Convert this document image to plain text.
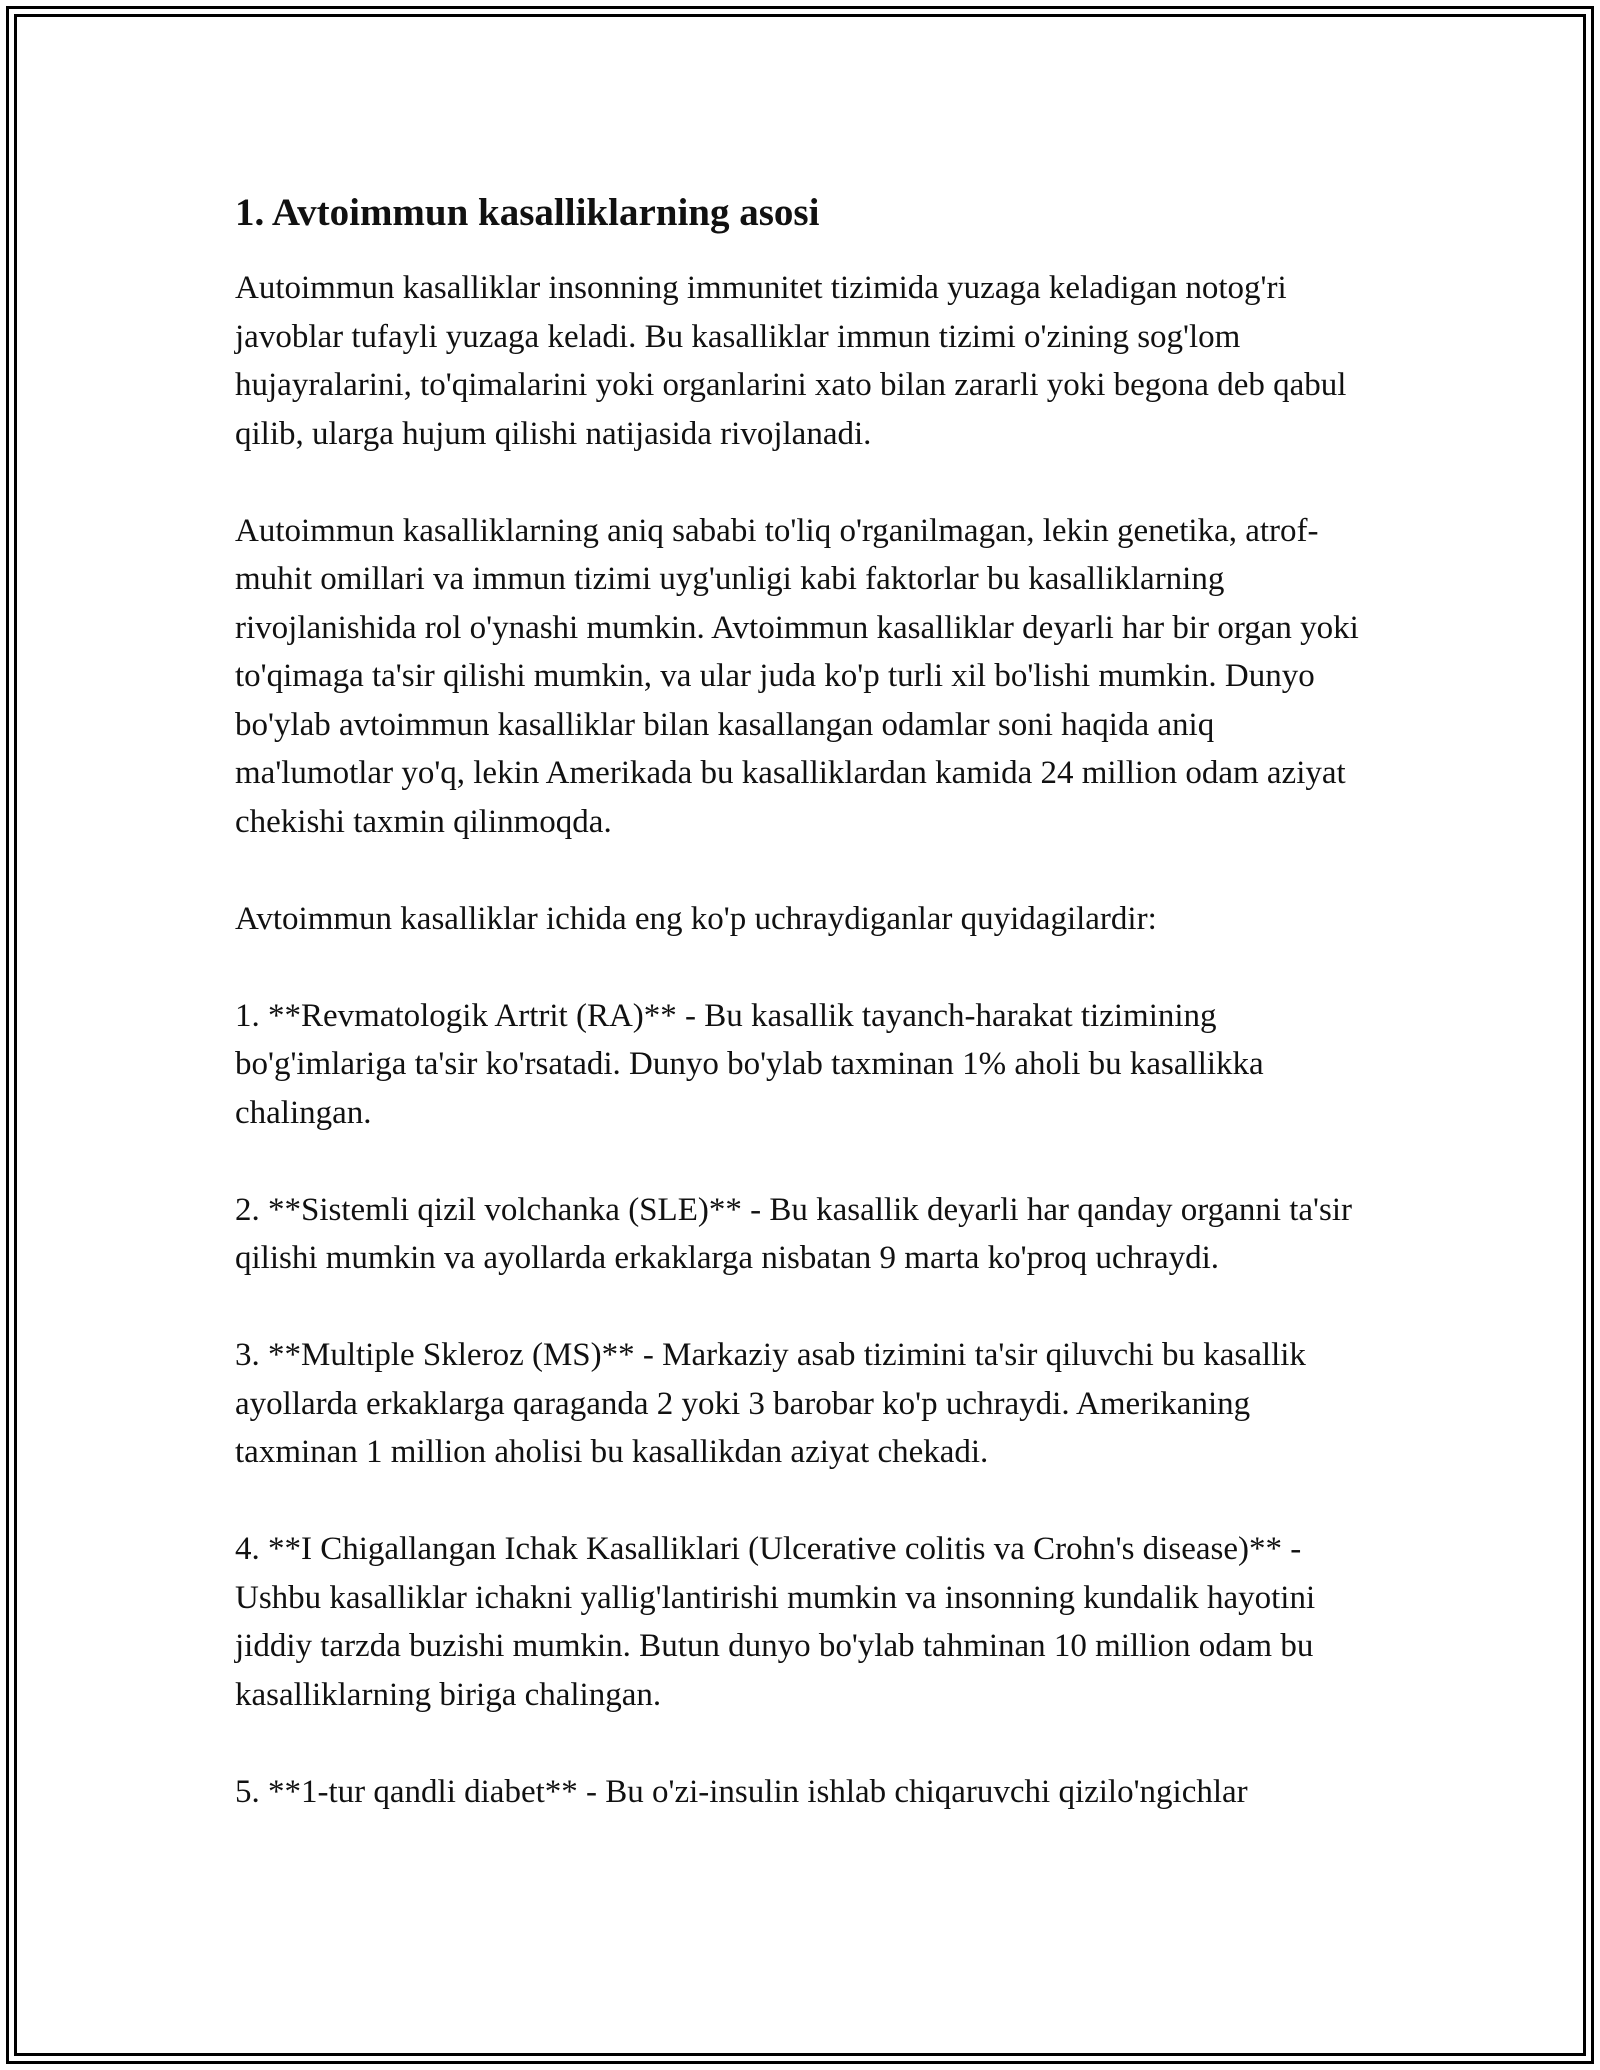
1. Avtoimmun kasalliklarning asosi

Autoimmun kasalliklar insonning immunitet tizimida yuzaga keladigan notog'ri javoblar tufayli yuzaga keladi. Bu kasalliklar immun tizimi o'zining sog'lom hujayralarini, to'qimalarini yoki organlarini xato bilan zararli yoki begona deb qabul qilib, ularga hujum qilishi natijasida rivojlanadi.

Autoimmun kasalliklarning aniq sababi to'liq o'rganilmagan, lekin genetika, atrof-muhit omillari va immun tizimi uyg'unligi kabi faktorlar bu kasalliklarning rivojlanishida rol o'ynashi mumkin. Avtoimmun kasalliklar deyarli har bir organ yoki to'qimaga ta'sir qilishi mumkin, va ular juda ko'p turli xil bo'lishi mumkin. Dunyo bo'ylab avtoimmun kasalliklar bilan kasallangan odamlar soni haqida aniq ma'lumotlar yo'q, lekin Amerikada bu kasalliklardan kamida 24 million odam aziyat chekishi taxmin qilinmoqda.

Avtoimmun kasalliklar ichida eng ko'p uchraydiganlar quyidagilardir:

1. **Revmatologik Artrit (RA)** - Bu kasallik tayanch-harakat tizimining bo'g'imlariga ta'sir ko'rsatadi. Dunyo bo'ylab taxminan 1% aholi bu kasallikka chalingan.

2. **Sistemli qizil volchanka (SLE)** - Bu kasallik deyarli har qanday organni ta'sir qilishi mumkin va ayollarda erkaklarga nisbatan 9 marta ko'proq uchraydi.

3. **Multiple Skleroz (MS)** - Markaziy asab tizimini ta'sir qiluvchi bu kasallik ayollarda erkaklarga qaraganda 2 yoki 3 barobar ko'p uchraydi. Amerikaning taxminan 1 million aholisi bu kasallikdan aziyat chekadi.

4. **I Chigallangan Ichak Kasalliklari (Ulcerative colitis va Crohn's disease)** - Ushbu kasalliklar ichakni yallig'lantirishi mumkin va insonning kundalik hayotini jiddiy tarzda buzishi mumkin. Butun dunyo bo'ylab tahminan 10 million odam bu kasalliklarning biriga chalingan.

5. **1-tur qandli diabet** - Bu o'zi-insulin ishlab chiqaruvchi qizilo'ngichlar
